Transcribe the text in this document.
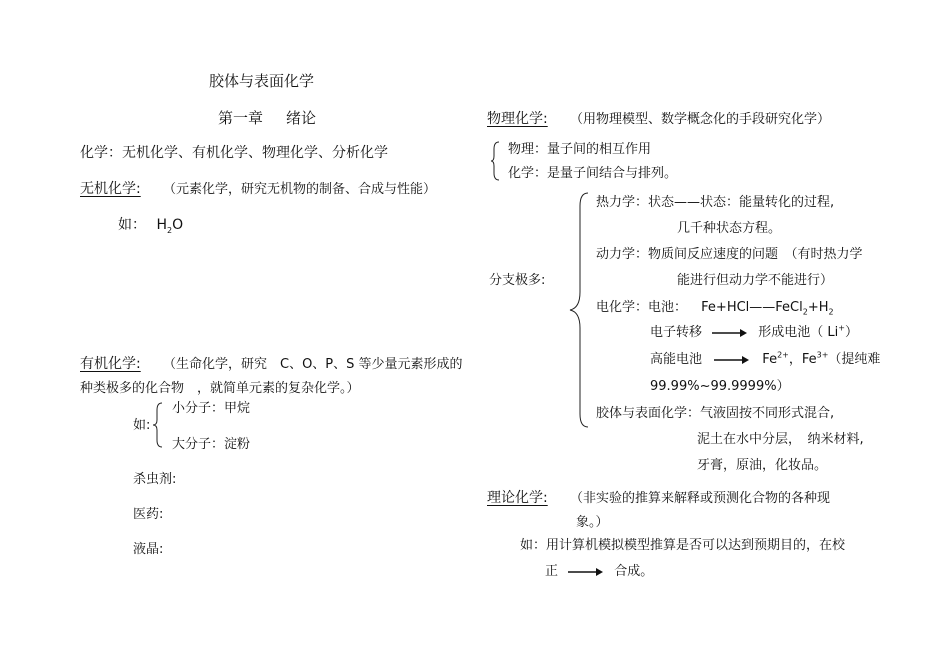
胶体与表面化学
第一章 绪论
化学：无机化学、有机化学、物理化学、分析化学
无机化学: （元素化学，研究无机物的制备、合成与性能）
如： $H_2O$
有机化学: （生命化学，研究　C、O、P、S 等少量元素形成的
种类极多的化合物　，就简单元素的复杂化学。）
如:
小分子：甲烷
大分子：淀粉
杀虫剂:
医药:
液晶:
物理化学: （用物理模型、数学概念化的手段研究化学）
物理：量子间的相互作用
化学：是量子间结合与排列。
分支极多:
热力学：状态——状态：能量转化的过程,
几千种状态方程。
动力学：物质间反应速度的问题　（有时热力学
能进行但动力学不能进行）
电化学：电池： $Fe+HCl——FeCl_2+H_2$
电子转移	形成电池（ Li+）
高能电池	$Fe^{2+}$，$Fe^{3+}$（提纯难
99.99%~99.9999%）
胶体与表面化学：气液固按不同形式混合,
泥土在水中分层，　纳米材料,
牙膏，原油，化妆品。
理论化学: （非实验的推算来解释或预测化合物的各种现
象。）
如：用计算机模拟模型推算是否可以达到预期目的，在校
正	合成。
